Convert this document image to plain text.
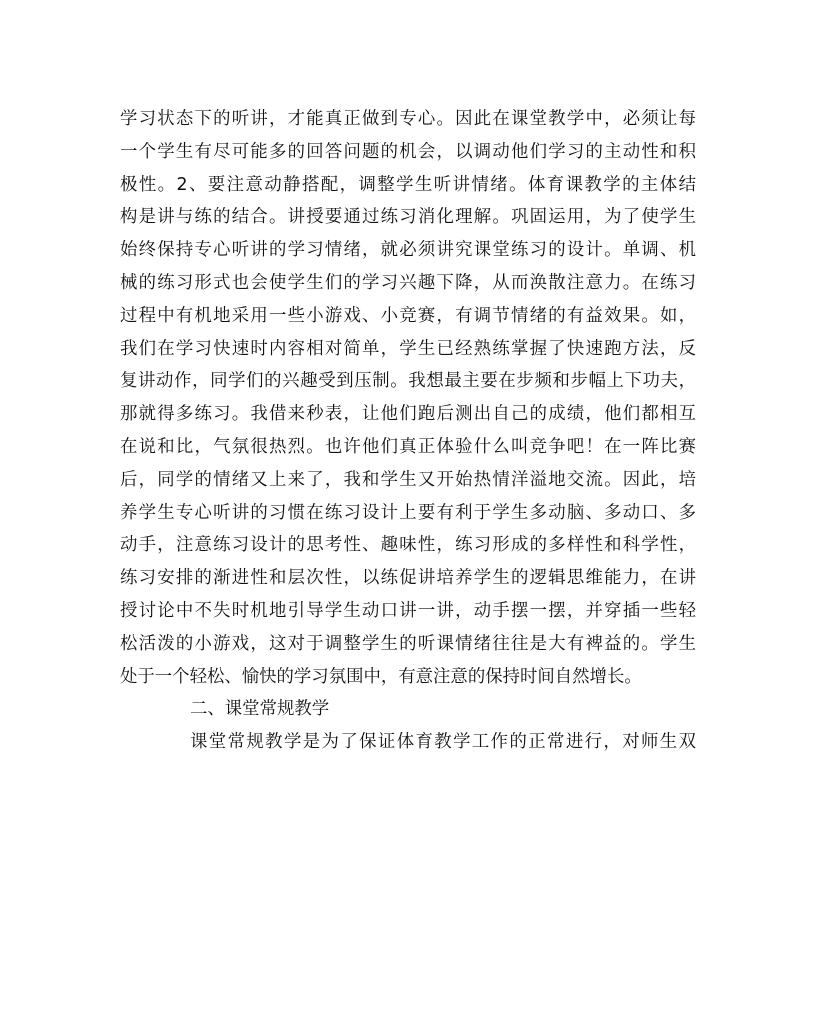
学习状态下的听讲，才能真正做到专心。因此在课堂教学中，必须让每
一个学生有尽可能多的回答问题的机会，以调动他们学习的主动性和积
极性。2、要注意动静搭配，调整学生听讲情绪。体育课教学的主体结
构是讲与练的结合。讲授要通过练习消化理解。巩固运用，为了使学生
始终保持专心听讲的学习情绪，就必须讲究课堂练习的设计。单调、机
械的练习形式也会使学生们的学习兴趣下降，从而涣散注意力。在练习
过程中有机地采用一些小游戏、小竞赛，有调节情绪的有益效果。如，
我们在学习快速时内容相对简单，学生已经熟练掌握了快速跑方法，反
复讲动作，同学们的兴趣受到压制。我想最主要在步频和步幅上下功夫，
那就得多练习。我借来秒表，让他们跑后测出自己的成绩，他们都相互
在说和比，气氛很热烈。也许他们真正体验什么叫竞争吧！在一阵比赛
后，同学的情绪又上来了，我和学生又开始热情洋溢地交流。因此，培
养学生专心听讲的习惯在练习设计上要有利于学生多动脑、多动口、多
动手，注意练习设计的思考性、趣味性，练习形成的多样性和科学性，
练习安排的渐进性和层次性，以练促讲培养学生的逻辑思维能力，在讲
授讨论中不失时机地引导学生动口讲一讲，动手摆一摆，并穿插一些轻
松活泼的小游戏，这对于调整学生的听课情绪往往是大有裨益的。学生
处于一个轻松、愉快的学习氛围中，有意注意的保持时间自然增长。
二、课堂常规教学
课堂常规教学是为了保证体育教学工作的正常进行，对师生双
